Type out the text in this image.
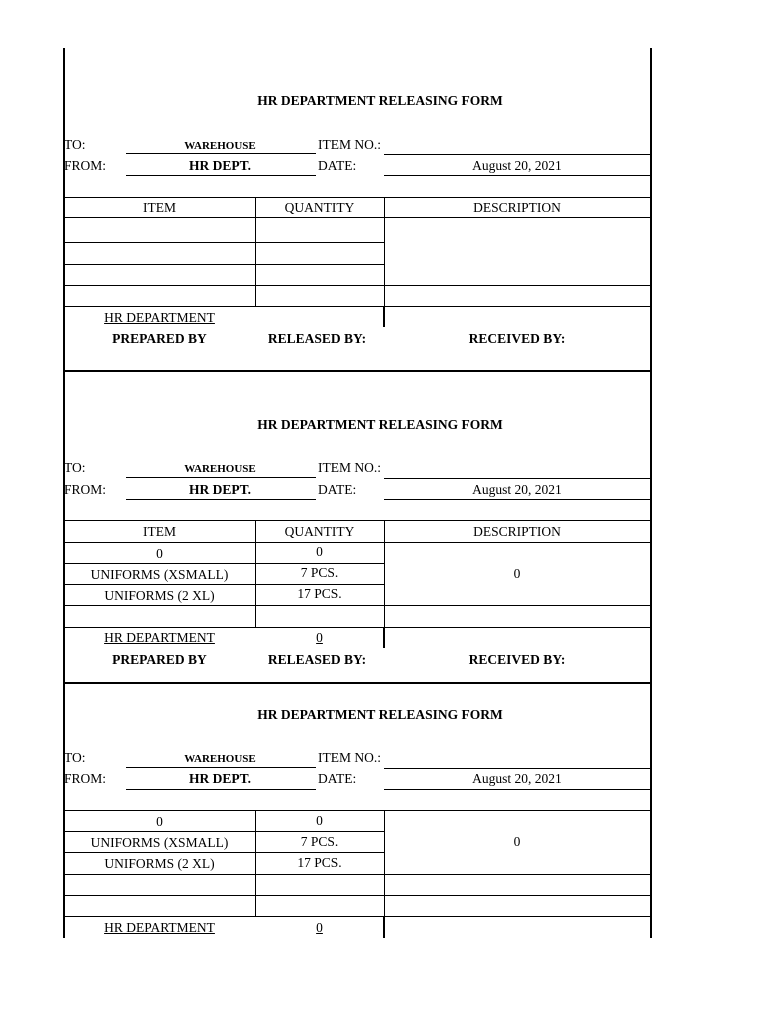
HR DEPARTMENT RELEASING FORM
TO:	WAREHOUSE	ITEM NO.:
FROM:	HR DEPT.	DATE:	August 20, 2021
ITEM	QUANTITY	DESCRIPTION
HR DEPARTMENT
PREPARED BY	RELEASED BY:	RECEIVED BY:
HR DEPARTMENT RELEASING FORM
TO:	WAREHOUSE	ITEM NO.:
FROM:	HR DEPT.	DATE:	August 20, 2021
ITEM	QUANTITY	DESCRIPTION
0	0
UNIFORMS (XSMALL)	7 PCS.
UNIFORMS (2 XL)	17 PCS.
0
HR DEPARTMENT	0
PREPARED BY	RELEASED BY:	RECEIVED BY:
HR DEPARTMENT RELEASING FORM
TO:	WAREHOUSE	ITEM NO.:
FROM:	HR DEPT.	DATE:	August 20, 2021
0	0
UNIFORMS (XSMALL)	7 PCS.
UNIFORMS (2 XL)	17 PCS.
0
HR DEPARTMENT	0
